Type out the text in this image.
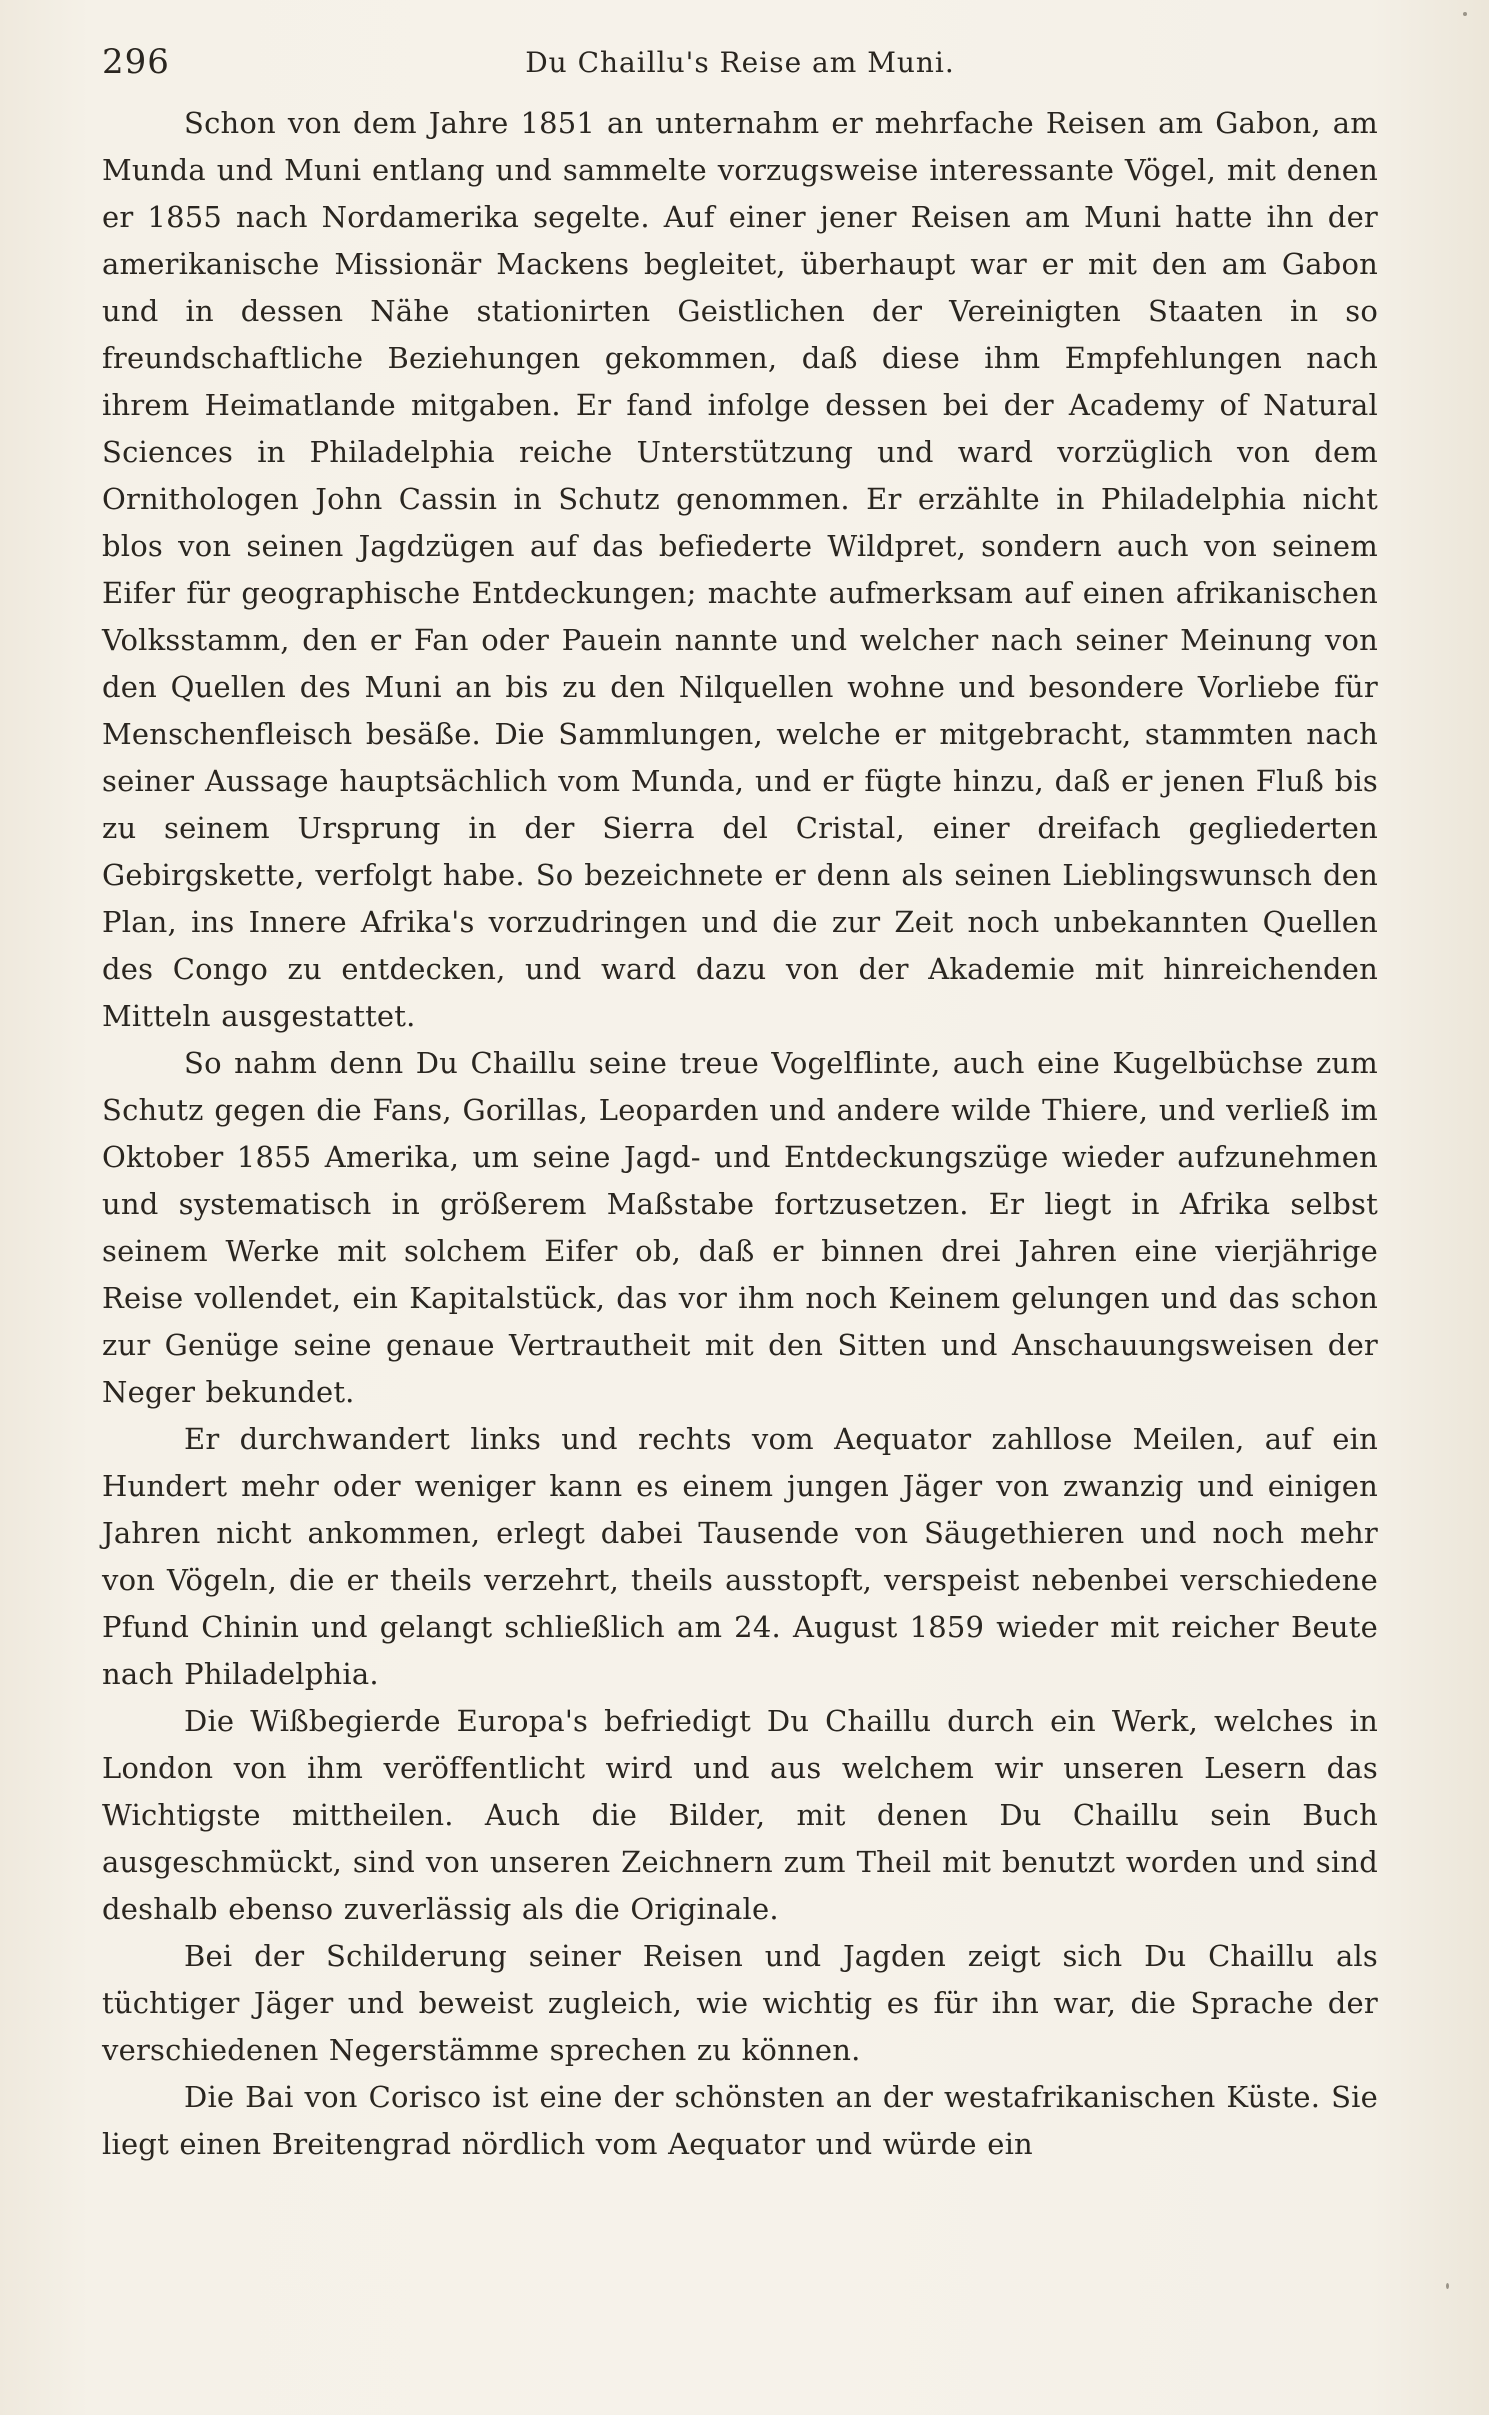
296	Du Chaillu's Reise am Muni.

Schon von dem Jahre 1851 an unternahm er mehrfache Reisen am Gabon, am Munda und Muni entlang und sammelte vorzugsweise interessante Vögel, mit denen er 1855 nach Nordamerika segelte. Auf einer jener Reisen am Muni hatte ihn der amerikanische Missionär Mackens begleitet, überhaupt war er mit den am Gabon und in dessen Nähe stationirten Geistlichen der Vereinigten Staaten in so freundschaftliche Beziehungen gekommen, daß diese ihm Empfehlungen nach ihrem Heimatlande mitgaben. Er fand infolge dessen bei der Academy of Natural Sciences in Philadelphia reiche Unterstützung und ward vorzüglich von dem Ornithologen John Cassin in Schutz genommen. Er erzählte in Philadelphia nicht blos von seinen Jagdzügen auf das befiederte Wildpret, sondern auch von seinem Eifer für geographische Entdeckungen; machte aufmerksam auf einen afrikanischen Volksstamm, den er Fan oder Pauein nannte und welcher nach seiner Meinung von den Quellen des Muni an bis zu den Nilquellen wohne und besondere Vorliebe für Menschenfleisch besäße. Die Sammlungen, welche er mitgebracht, stammten nach seiner Aussage hauptsächlich vom Munda, und er fügte hinzu, daß er jenen Fluß bis zu seinem Ursprung in der Sierra del Cristal, einer dreifach gegliederten Gebirgskette, verfolgt habe. So bezeichnete er denn als seinen Lieblingswunsch den Plan, ins Innere Afrika's vorzudringen und die zur Zeit noch unbekannten Quellen des Congo zu entdecken, und ward dazu von der Akademie mit hinreichenden Mitteln ausgestattet.

So nahm denn Du Chaillu seine treue Vogelflinte, auch eine Kugelbüchse zum Schutz gegen die Fans, Gorillas, Leoparden und andere wilde Thiere, und verließ im Oktober 1855 Amerika, um seine Jagd- und Entdeckungszüge wieder aufzunehmen und systematisch in größerem Maßstabe fortzusetzen. Er liegt in Afrika selbst seinem Werke mit solchem Eifer ob, daß er binnen drei Jahren eine vierjährige Reise vollendet, ein Kapitalstück, das vor ihm noch Keinem gelungen und das schon zur Genüge seine genaue Vertrautheit mit den Sitten und Anschauungsweisen der Neger bekundet.

Er durchwandert links und rechts vom Aequator zahllose Meilen, auf ein Hundert mehr oder weniger kann es einem jungen Jäger von zwanzig und einigen Jahren nicht ankommen, erlegt dabei Tausende von Säugethieren und noch mehr von Vögeln, die er theils verzehrt, theils ausstopft, verspeist nebenbei verschiedene Pfund Chinin und gelangt schließlich am 24. August 1859 wieder mit reicher Beute nach Philadelphia.

Die Wißbegierde Europa's befriedigt Du Chaillu durch ein Werk, welches in London von ihm veröffentlicht wird und aus welchem wir unseren Lesern das Wichtigste mittheilen. Auch die Bilder, mit denen Du Chaillu sein Buch ausgeschmückt, sind von unseren Zeichnern zum Theil mit benutzt worden und sind deshalb ebenso zuverlässig als die Originale.

Bei der Schilderung seiner Reisen und Jagden zeigt sich Du Chaillu als tüchtiger Jäger und beweist zugleich, wie wichtig es für ihn war, die Sprache der verschiedenen Negerstämme sprechen zu können.

Die Bai von Corisco ist eine der schönsten an der westafrikanischen Küste. Sie liegt einen Breitengrad nördlich vom Aequator und würde ein
